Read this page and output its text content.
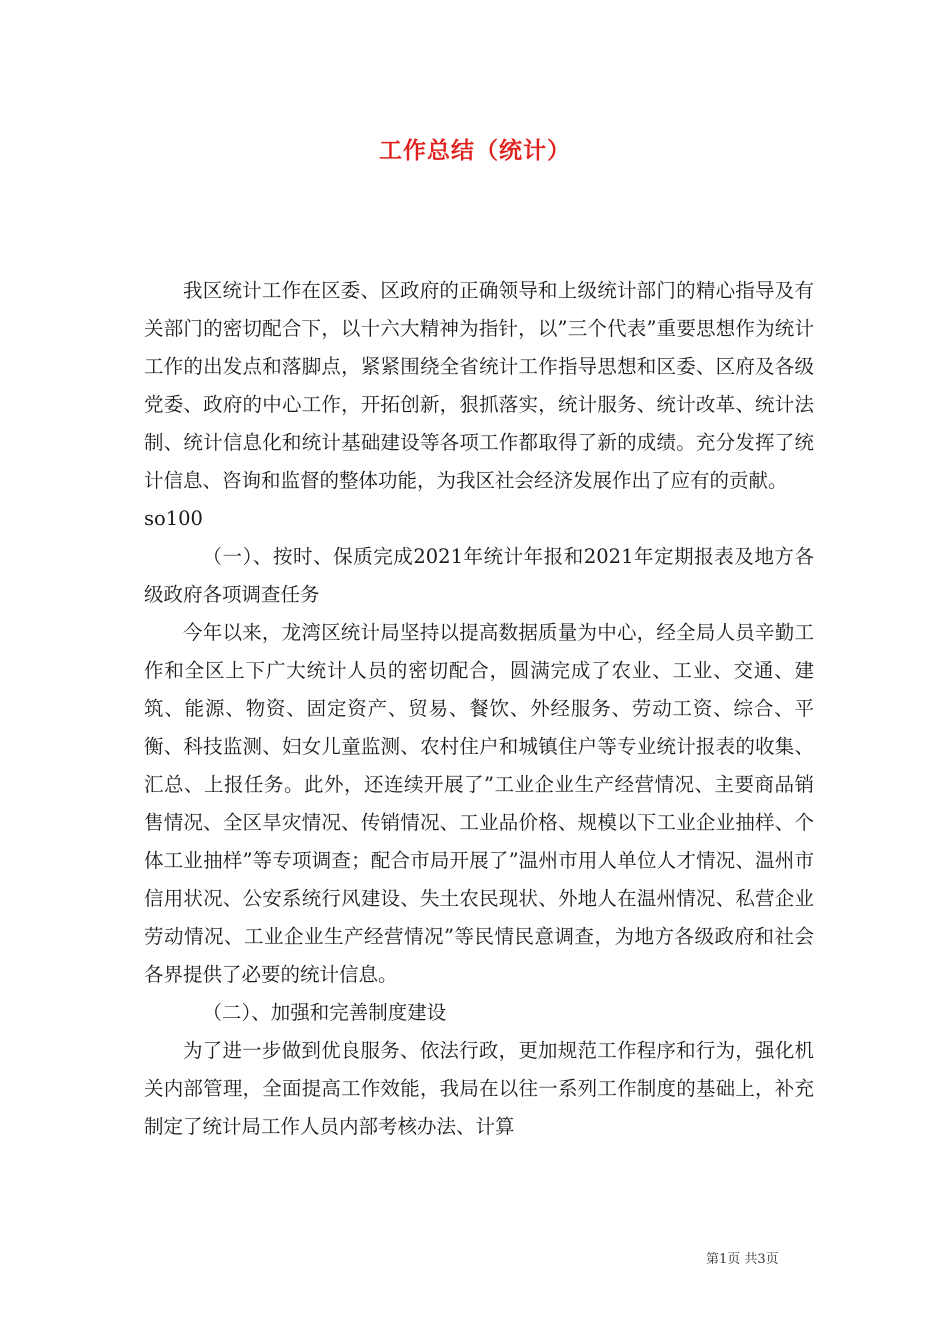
工作总结（统计）

我区统计工作在区委、区政府的正确领导和上级统计部门的精心指导及有关部门的密切配合下，以十六大精神为指针，以”三个代表”重要思想作为统计工作的出发点和落脚点，紧紧围绕全省统计工作指导思想和区委、区府及各级党委、政府的中心工作，开拓创新，狠抓落实，统计服务、统计改革、统计法制、统计信息化和统计基础建设等各项工作都取得了新的成绩。充分发挥了统计信息、咨询和监督的整体功能，为我区社会经济发展作出了应有的贡献。

so100

（一）、按时、保质完成2021年统计年报和2021年定期报表及地方各级政府各项调查任务

今年以来，龙湾区统计局坚持以提高数据质量为中心，经全局人员辛勤工作和全区上下广大统计人员的密切配合，圆满完成了农业、工业、交通、建筑、能源、物资、固定资产、贸易、餐饮、外经服务、劳动工资、综合、平衡、科技监测、妇女儿童监测、农村住户和城镇住户等专业统计报表的收集、汇总、上报任务。此外，还连续开展了”工业企业生产经营情况、主要商品销售情况、全区旱灾情况、传销情况、工业品价格、规模以下工业企业抽样、个体工业抽样”等专项调查；配合市局开展了”温州市用人单位人才情况、温州市信用状况、公安系统行风建设、失土农民现状、外地人在温州情况、私营企业劳动情况、工业企业生产经营情况”等民情民意调查，为地方各级政府和社会各界提供了必要的统计信息。

（二）、加强和完善制度建设

为了进一步做到优良服务、依法行政，更加规范工作程序和行为，强化机关内部管理，全面提高工作效能，我局在以往一系列工作制度的基础上，补充制定了统计局工作人员内部考核办法、计算

第1页 共3页
